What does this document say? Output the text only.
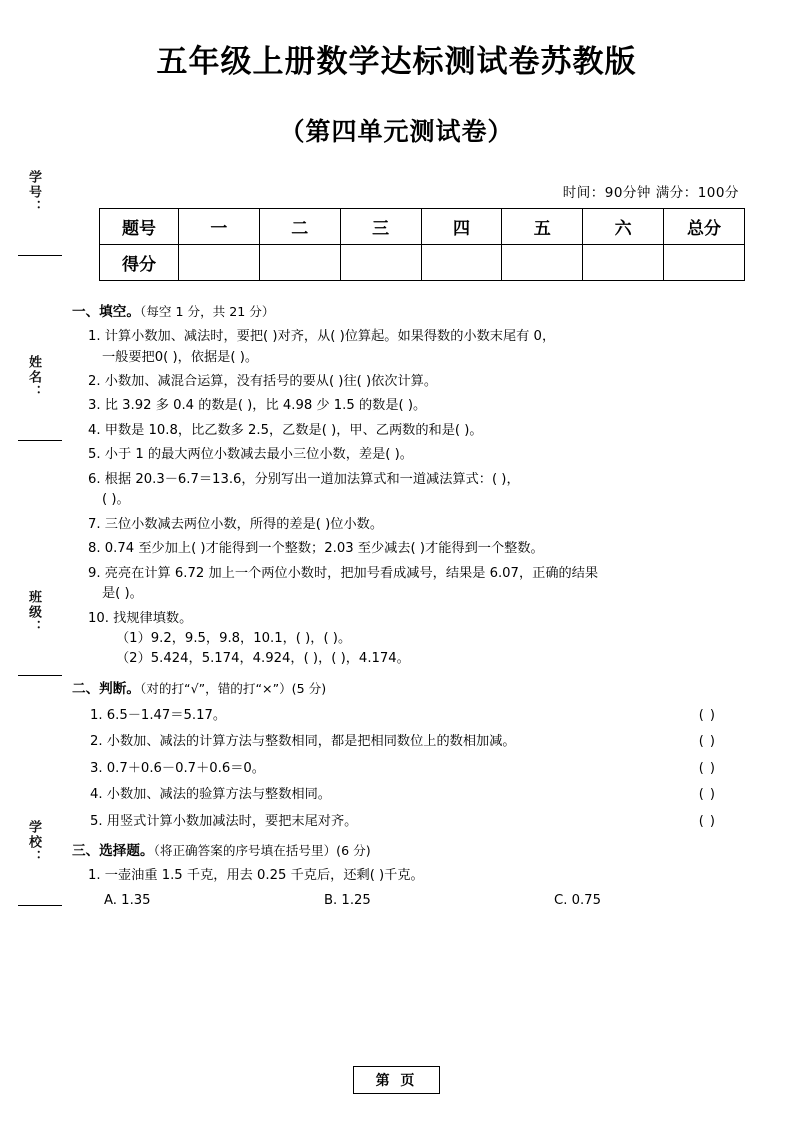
学号：
姓名：
班级：
学校：
五年级上册数学达标测试卷苏教版
（第四单元测试卷）
时间：90分钟 满分：100分
题号	一	二	三	四	五	六	总分
得分							
一、填空。（每空 1 分，共 21 分）
1. 计算小数加、减法时，要把( )对齐，从( )位算起。如果得数的小数末尾有 0，
一般要把0( )，依据是( )。
2. 小数加、减混合运算，没有括号的要从( )往( )依次计算。
3. 比 3.92 多 0.4 的数是( )，比 4.98 少 1.5 的数是( )。
4. 甲数是 10.8，比乙数多 2.5，乙数是( )，甲、乙两数的和是( )。
5. 小于 1 的最大两位小数减去最小三位小数，差是( )。
6. 根据 20.3－6.7＝13.6，分别写出一道加法算式和一道减法算式：( )，
( )。
7. 三位小数减去两位小数，所得的差是( )位小数。
8. 0.74 至少加上( )才能得到一个整数；2.03 至少减去( )才能得到一个整数。
9. 亮亮在计算 6.72 加上一个两位小数时，把加号看成减号，结果是 6.07，正确的结果
是( )。
10. 找规律填数。
（1）9.2，9.5，9.8，10.1，( )，( )。
（2）5.424，5.174，4.924，( )，( )，4.174。
二、判断。（对的打“√”，错的打“×”）(5 分)
1. 6.5－1.47＝5.17。	( )
2. 小数加、减法的计算方法与整数相同，都是把相同数位上的数相加减。	( )
3. 0.7＋0.6－0.7＋0.6＝0。	( )
4. 小数加、减法的验算方法与整数相同。	( )
5. 用竖式计算小数加减法时，要把末尾对齐。	( )
三、选择题。（将正确答案的序号填在括号里）(6 分)
1. 一壶油重 1.5 千克，用去 0.25 千克后，还剩( )千克。
A. 1.35	B. 1.25	C. 0.75
第 页
